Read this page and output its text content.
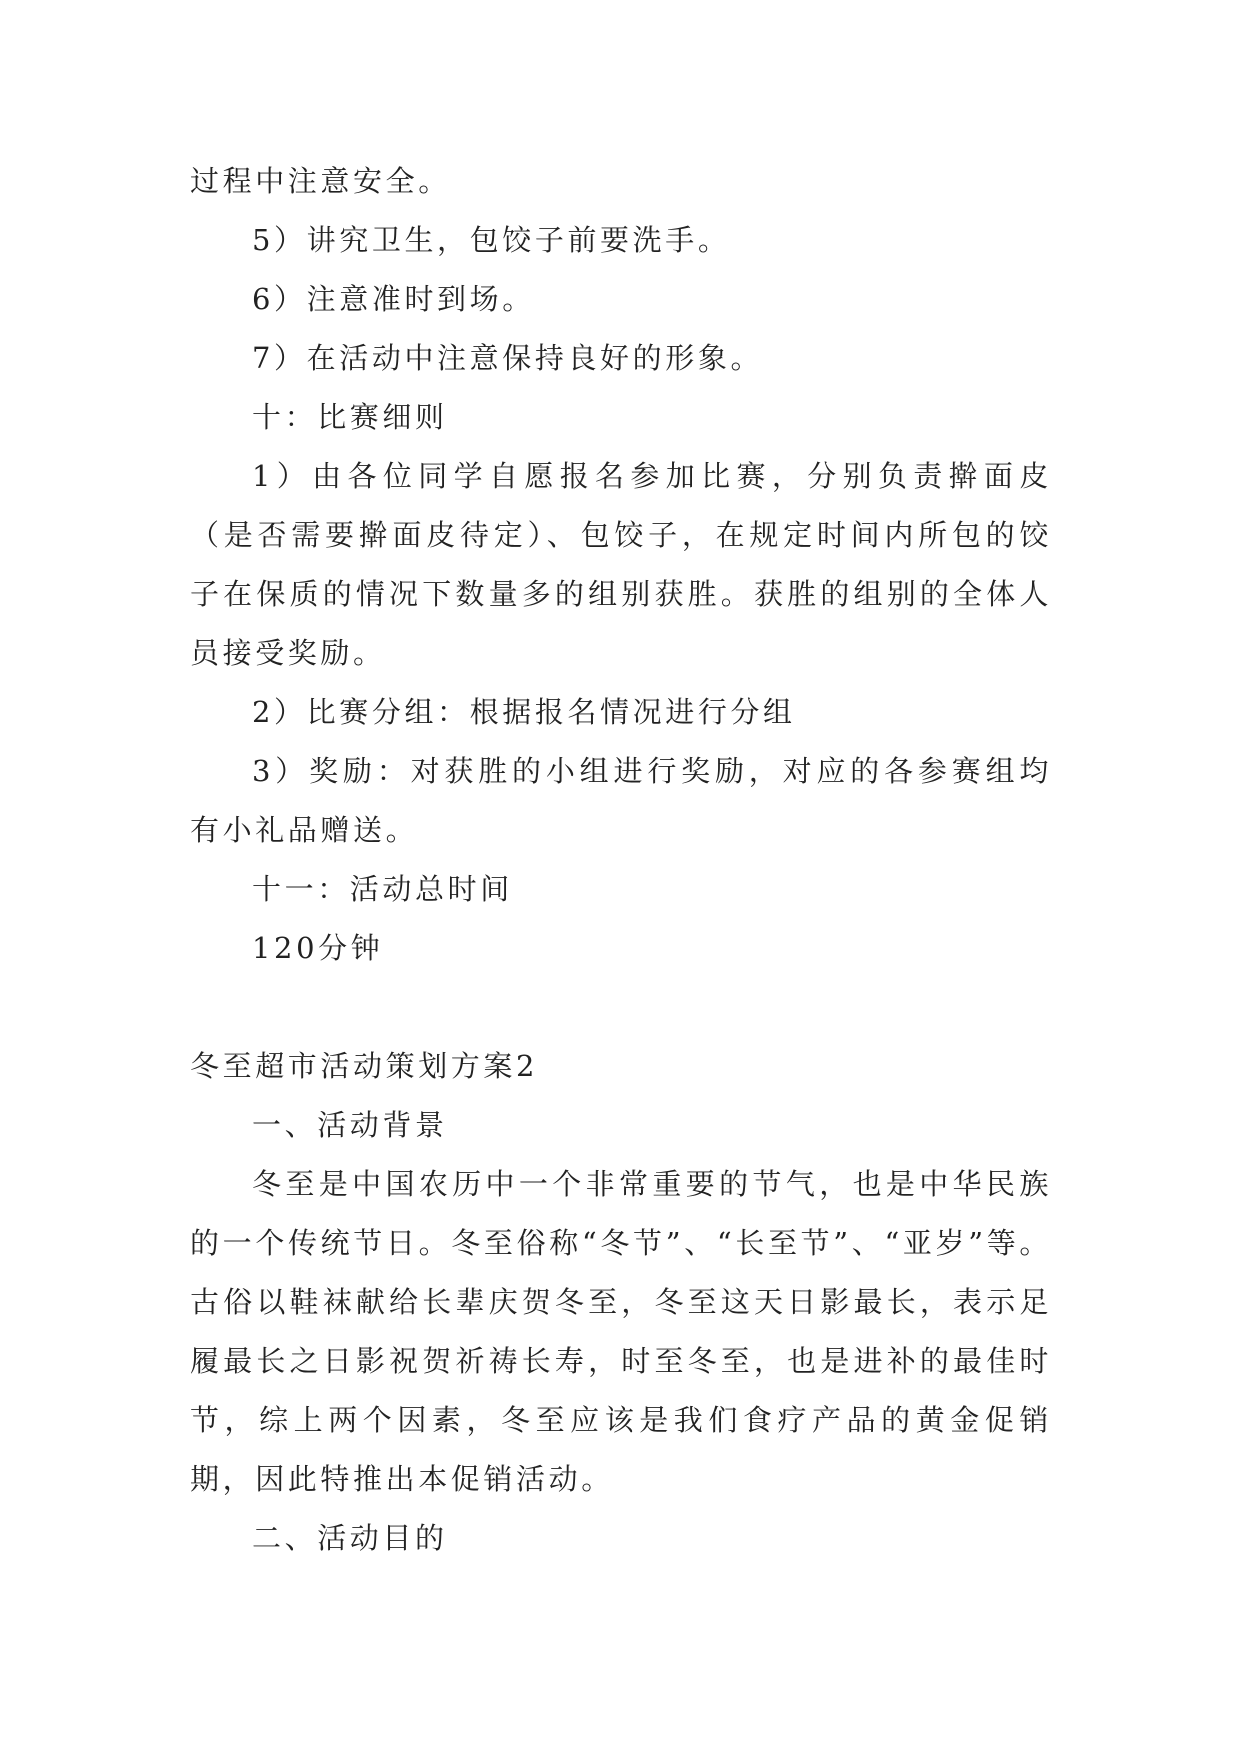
过程中注意安全。

5）讲究卫生，包饺子前要洗手。

6）注意准时到场。

7）在活动中注意保持良好的形象。

十：比赛细则

1）由各位同学自愿报名参加比赛，分别负责擀面皮（是否需要擀面皮待定）、包饺子，在规定时间内所包的饺子在保质的情况下数量多的组别获胜。获胜的组别的全体人员接受奖励。

2）比赛分组：根据报名情况进行分组

3）奖励：对获胜的小组进行奖励，对应的各参赛组均有小礼品赠送。

十一：活动总时间

120分钟

冬至超市活动策划方案2

一、活动背景

冬至是中国农历中一个非常重要的节气，也是中华民族的一个传统节日。冬至俗称“冬节”、“长至节”、“亚岁”等。古俗以鞋袜献给长辈庆贺冬至，冬至这天日影最长，表示足履最长之日影祝贺祈祷长寿，时至冬至，也是进补的最佳时节，综上两个因素，冬至应该是我们食疗产品的黄金促销期，因此特推出本促销活动。

二、活动目的
